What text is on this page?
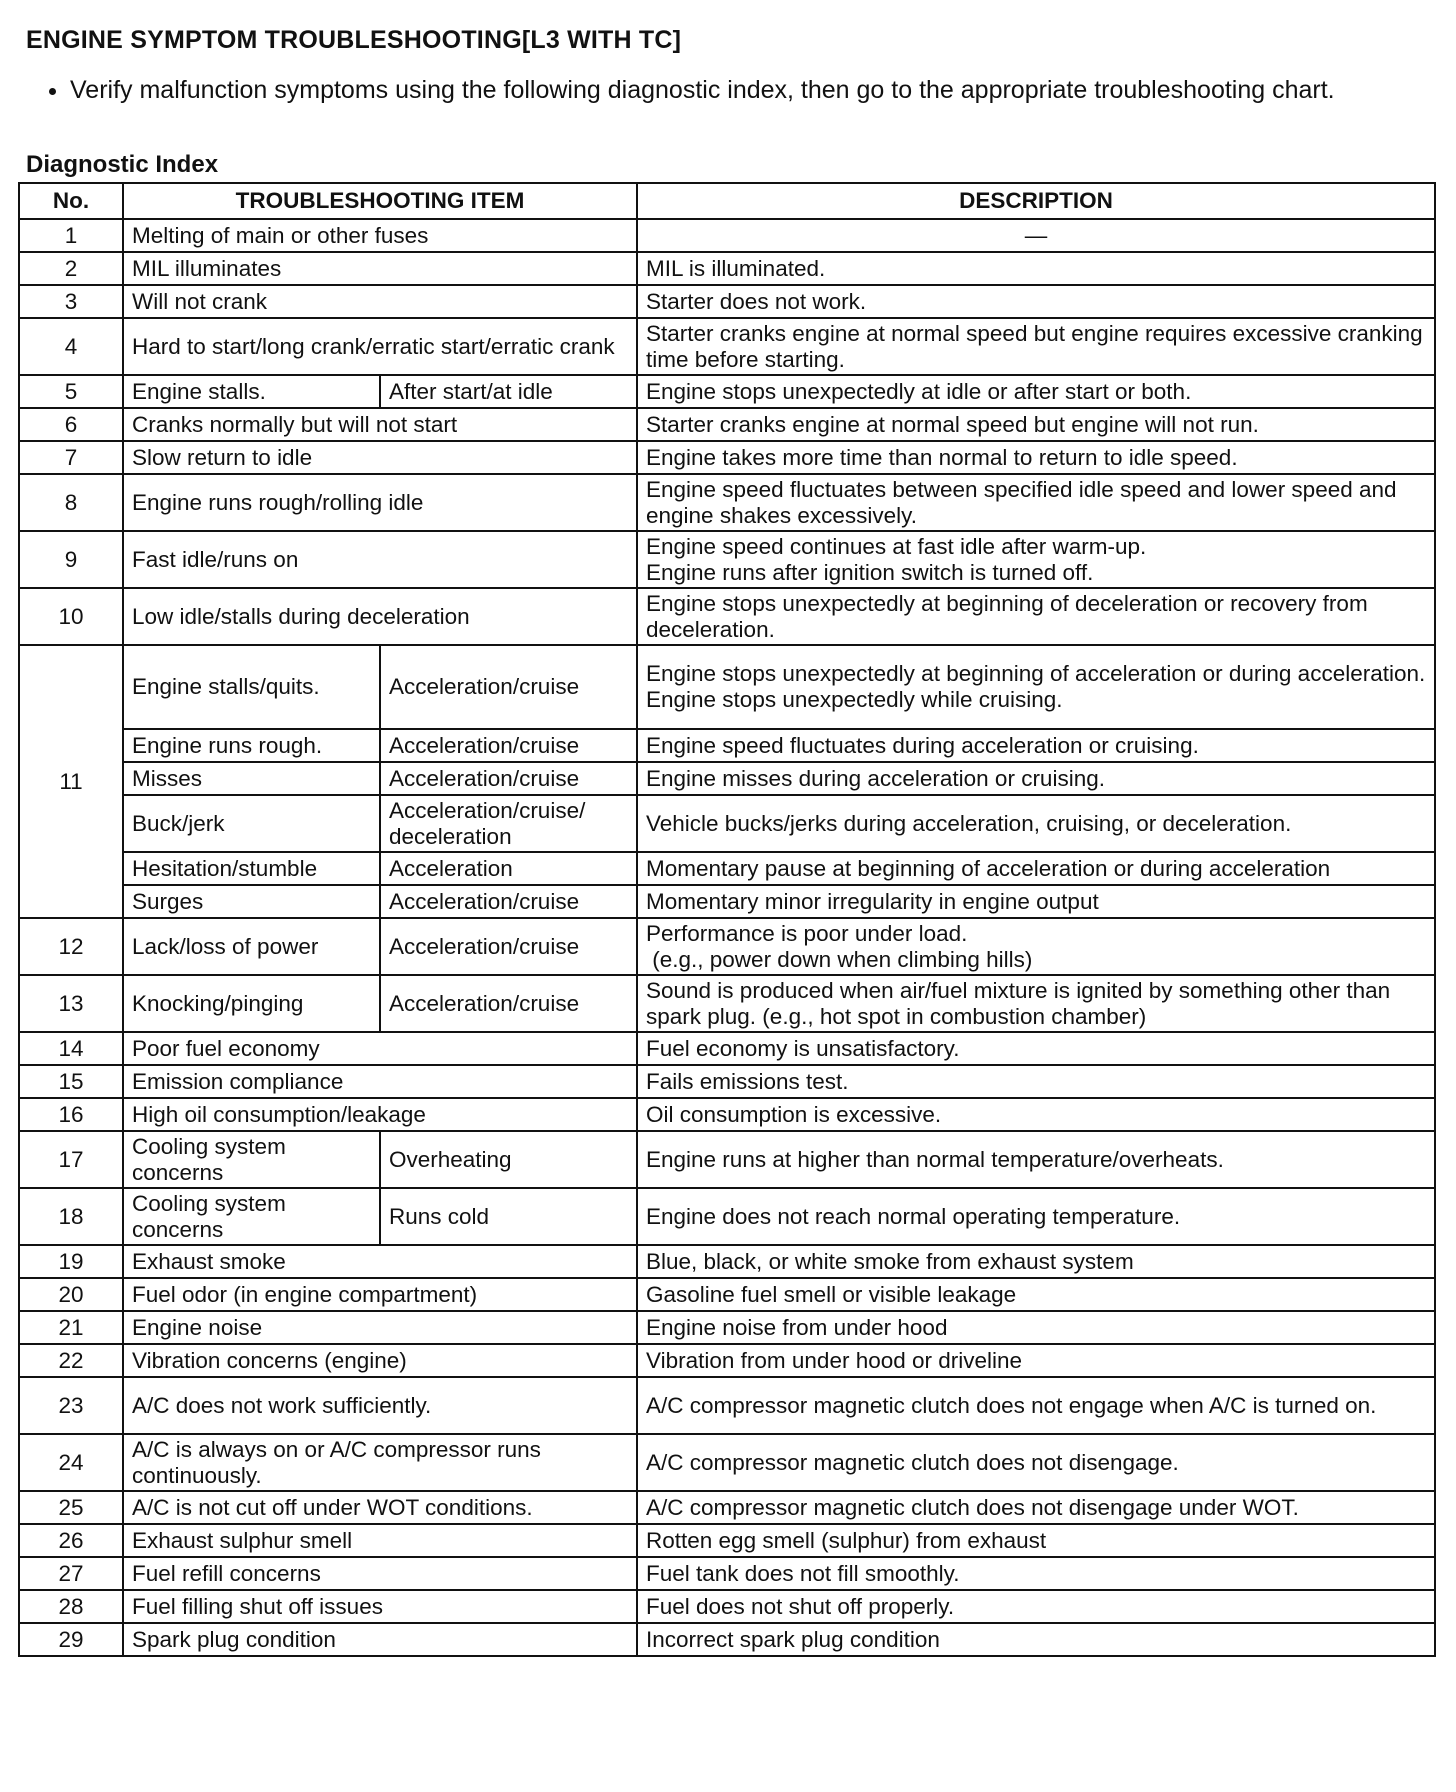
ENGINE SYMPTOM TROUBLESHOOTING[L3 WITH TC]
• Verify malfunction symptoms using the following diagnostic index, then go to the appropriate troubleshooting chart.
Diagnostic Index
No.	TROUBLESHOOTING ITEM		DESCRIPTION
1	Melting of main or other fuses		—
2	MIL illuminates		MIL is illuminated.
3	Will not crank		Starter does not work.
4	Hard to start/long crank/erratic start/erratic crank		Starter cranks engine at normal speed but engine requires excessive cranking time before starting.
5	Engine stalls.	After start/at idle	Engine stops unexpectedly at idle or after start or both.
6	Cranks normally but will not start		Starter cranks engine at normal speed but engine will not run.
7	Slow return to idle		Engine takes more time than normal to return to idle speed.
8	Engine runs rough/rolling idle		Engine speed fluctuates between specified idle speed and lower speed and engine shakes excessively.
9	Fast idle/runs on		Engine speed continues at fast idle after warm-up.
Engine runs after ignition switch is turned off.

10	Low idle/stalls during deceleration		Engine stops unexpectedly at beginning of deceleration or recovery from deceleration.
11	Engine stalls/quits.	Acceleration/cruise	Engine stops unexpectedly at beginning of acceleration or during acceleration.
Engine stops unexpectedly while cruising.

	Engine runs rough.	Acceleration/cruise	Engine speed fluctuates during acceleration or cruising.
	Misses	Acceleration/cruise	Engine misses during acceleration or cruising.
	Buck/jerk	Acceleration/cruise/ deceleration	Vehicle bucks/jerks during acceleration, cruising, or deceleration.
	Hesitation/stumble	Acceleration	Momentary pause at beginning of acceleration or during acceleration
	Surges	Acceleration/cruise	Momentary minor irregularity in engine output
12	Lack/loss of power	Acceleration/cruise	Performance is poor under load.
(e.g., power down when climbing hills)

13	Knocking/pinging	Acceleration/cruise	Sound is produced when air/fuel mixture is ignited by something other than spark plug. (e.g., hot spot in combustion chamber)
14	Poor fuel economy		Fuel economy is unsatisfactory.
15	Emission compliance		Fails emissions test.
16	High oil consumption/leakage		Oil consumption is excessive.
17	Cooling system concerns	Overheating	Engine runs at higher than normal temperature/overheats.
18	Cooling system concerns	Runs cold	Engine does not reach normal operating temperature.
19	Exhaust smoke		Blue, black, or white smoke from exhaust system
20	Fuel odor (in engine compartment)		Gasoline fuel smell or visible leakage
21	Engine noise		Engine noise from under hood
22	Vibration concerns (engine)		Vibration from under hood or driveline
23	A/C does not work sufficiently.		A/C compressor magnetic clutch does not engage when A/C is turned on.
24	A/C is always on or A/C compressor runs continuously.		A/C compressor magnetic clutch does not disengage.
25	A/C is not cut off under WOT conditions.		A/C compressor magnetic clutch does not disengage under WOT.
26	Exhaust sulphur smell		Rotten egg smell (sulphur) from exhaust
27	Fuel refill concerns		Fuel tank does not fill smoothly.
28	Fuel filling shut off issues		Fuel does not shut off properly.
29	Spark plug condition		Incorrect spark plug condition
